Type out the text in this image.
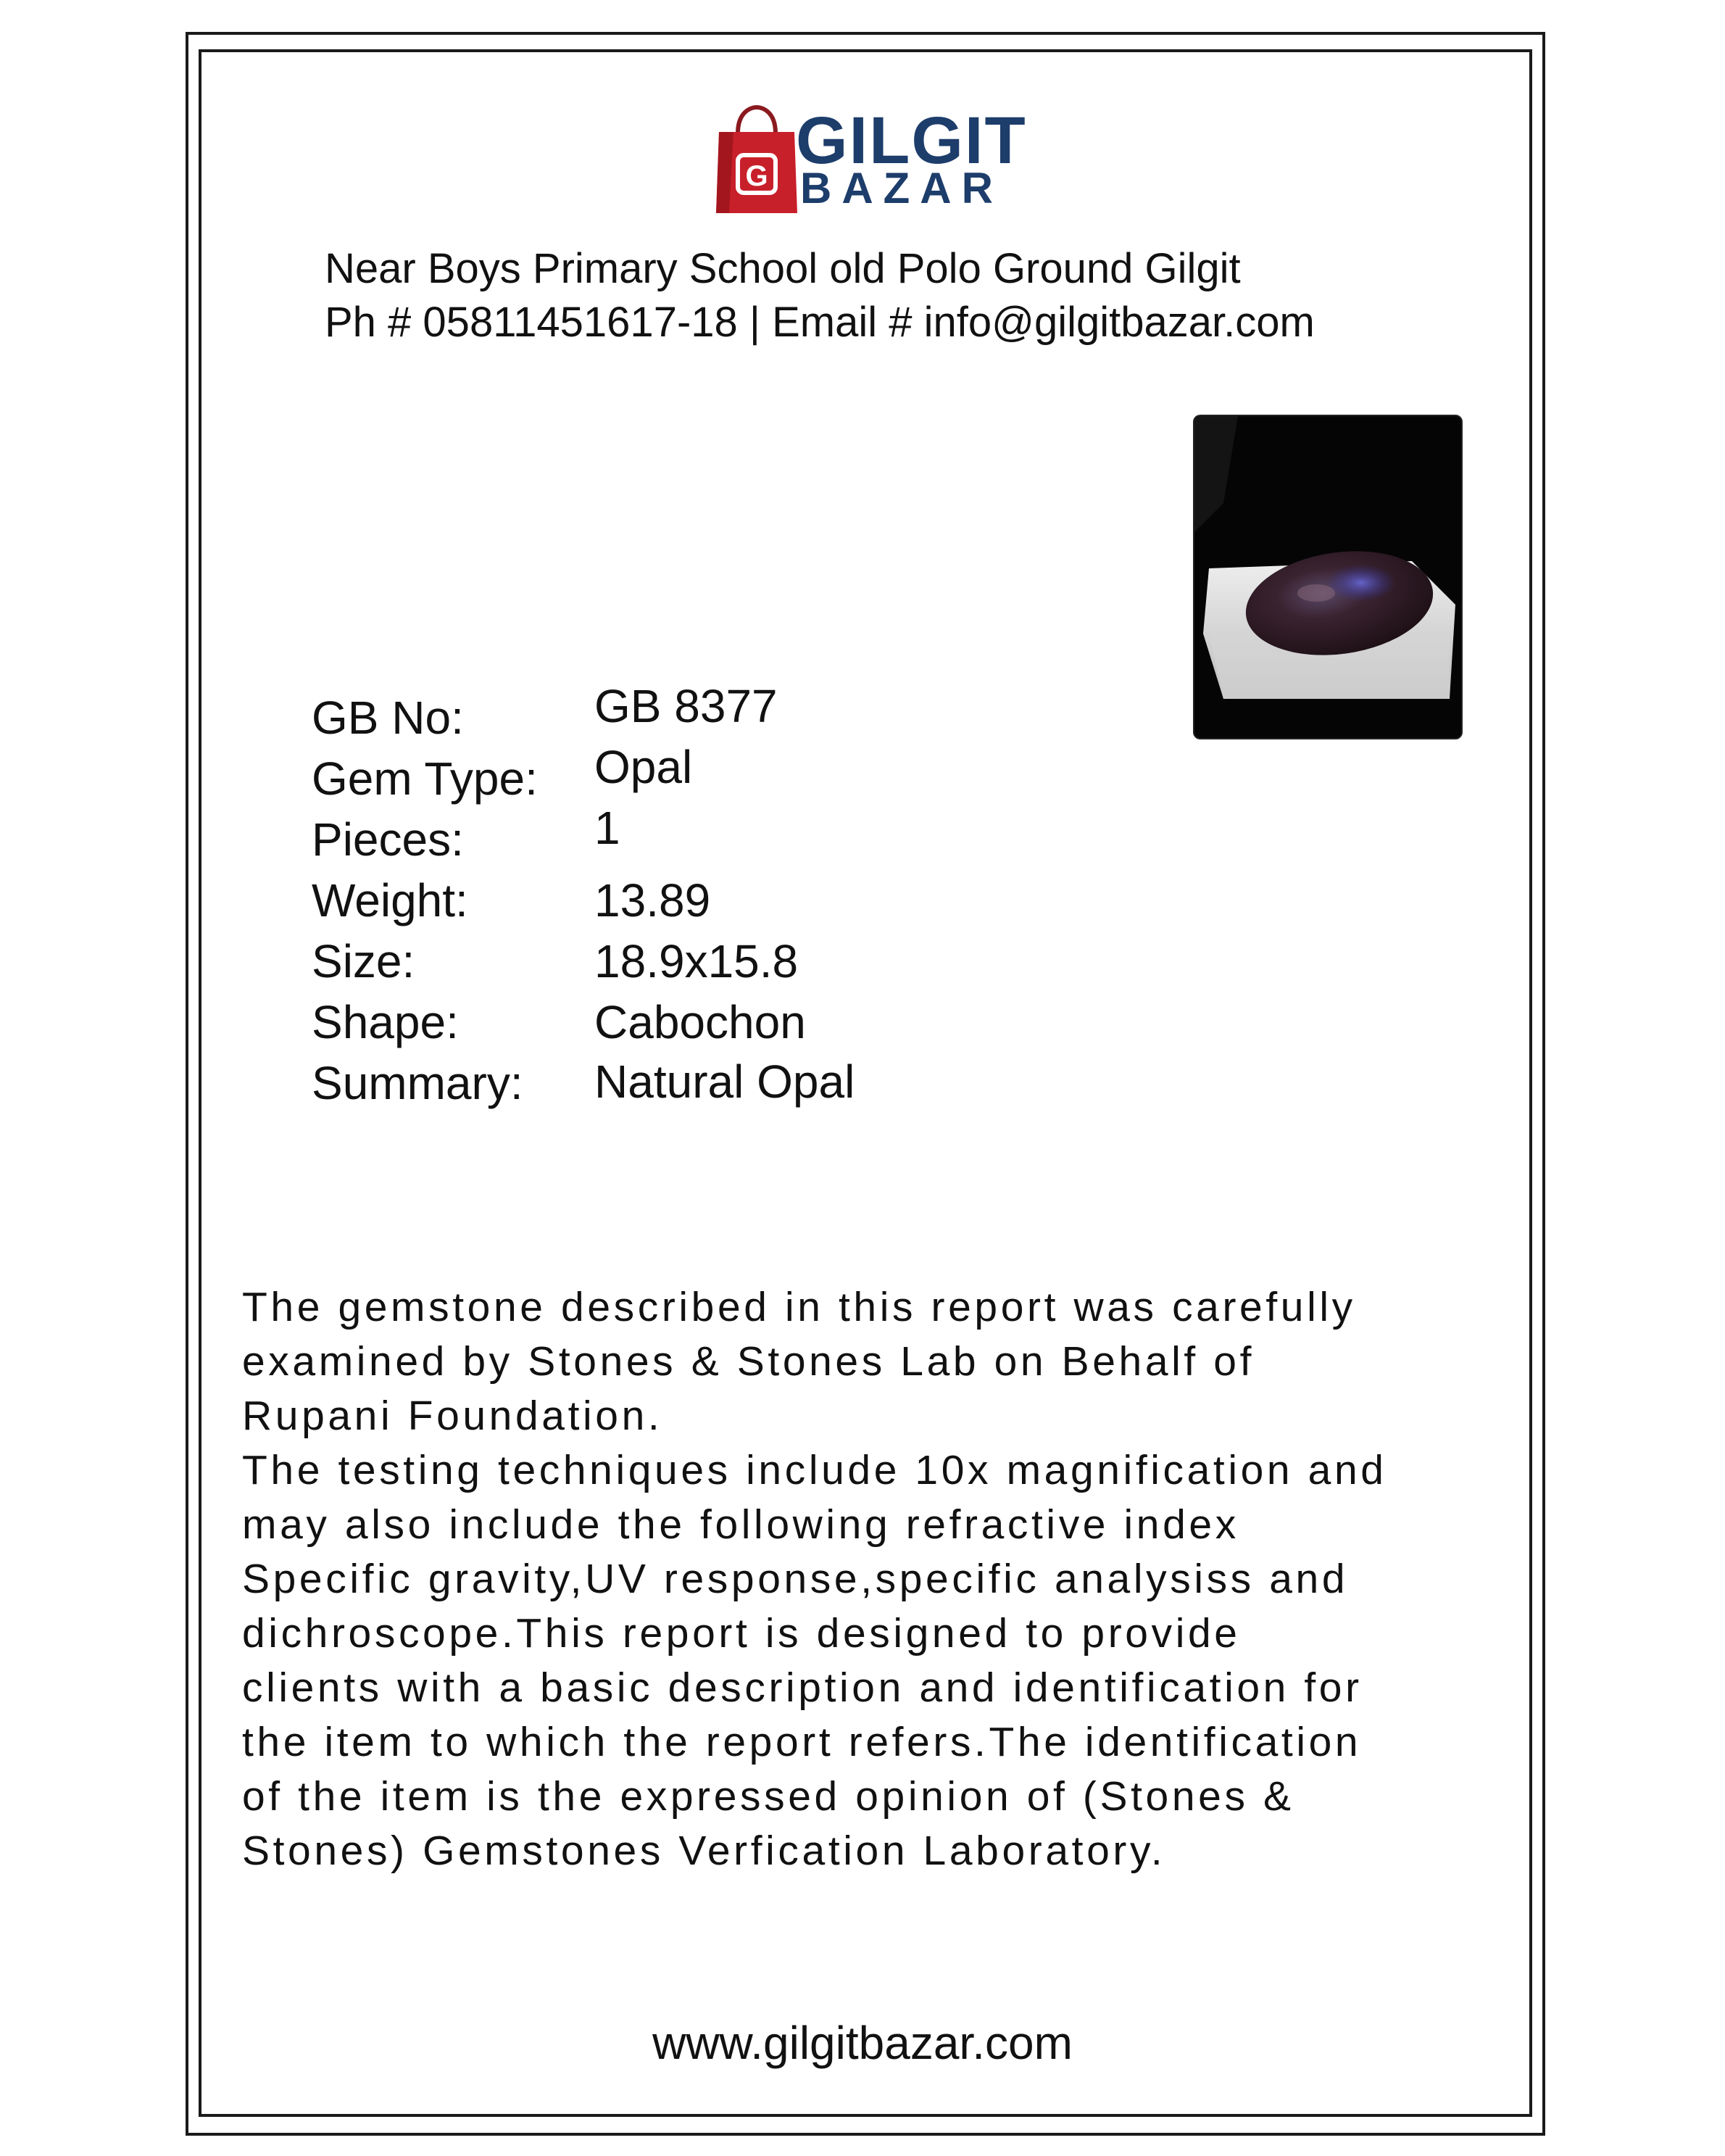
G GILGIT
BAZAR
Near Boys Primary School old Polo Ground Gilgit
Ph # 05811451617-18 | Email # info@gilgitbazar.com
GB No:	GB 8377
Gem Type: Opal
Pieces:	1
Weight:	13.89
Size:	18.9x15.8
Shape:	Cabochon
Summary: Natural Opal
The gemstone described in this report was carefully
examined by Stones & Stones Lab on Behalf of
Rupani Foundation.
The testing techniques include 10x magnification and
may also include the following refractive index
Specific gravity,UV response,specific analysiss and
dichroscope.This report is designed to provide
clients with a basic description and identification for
the item to which the report refers.The identification
of the item is the expressed opinion of (Stones &
Stones) Gemstones Verfication Laboratory.
www.gilgitbazar.com
